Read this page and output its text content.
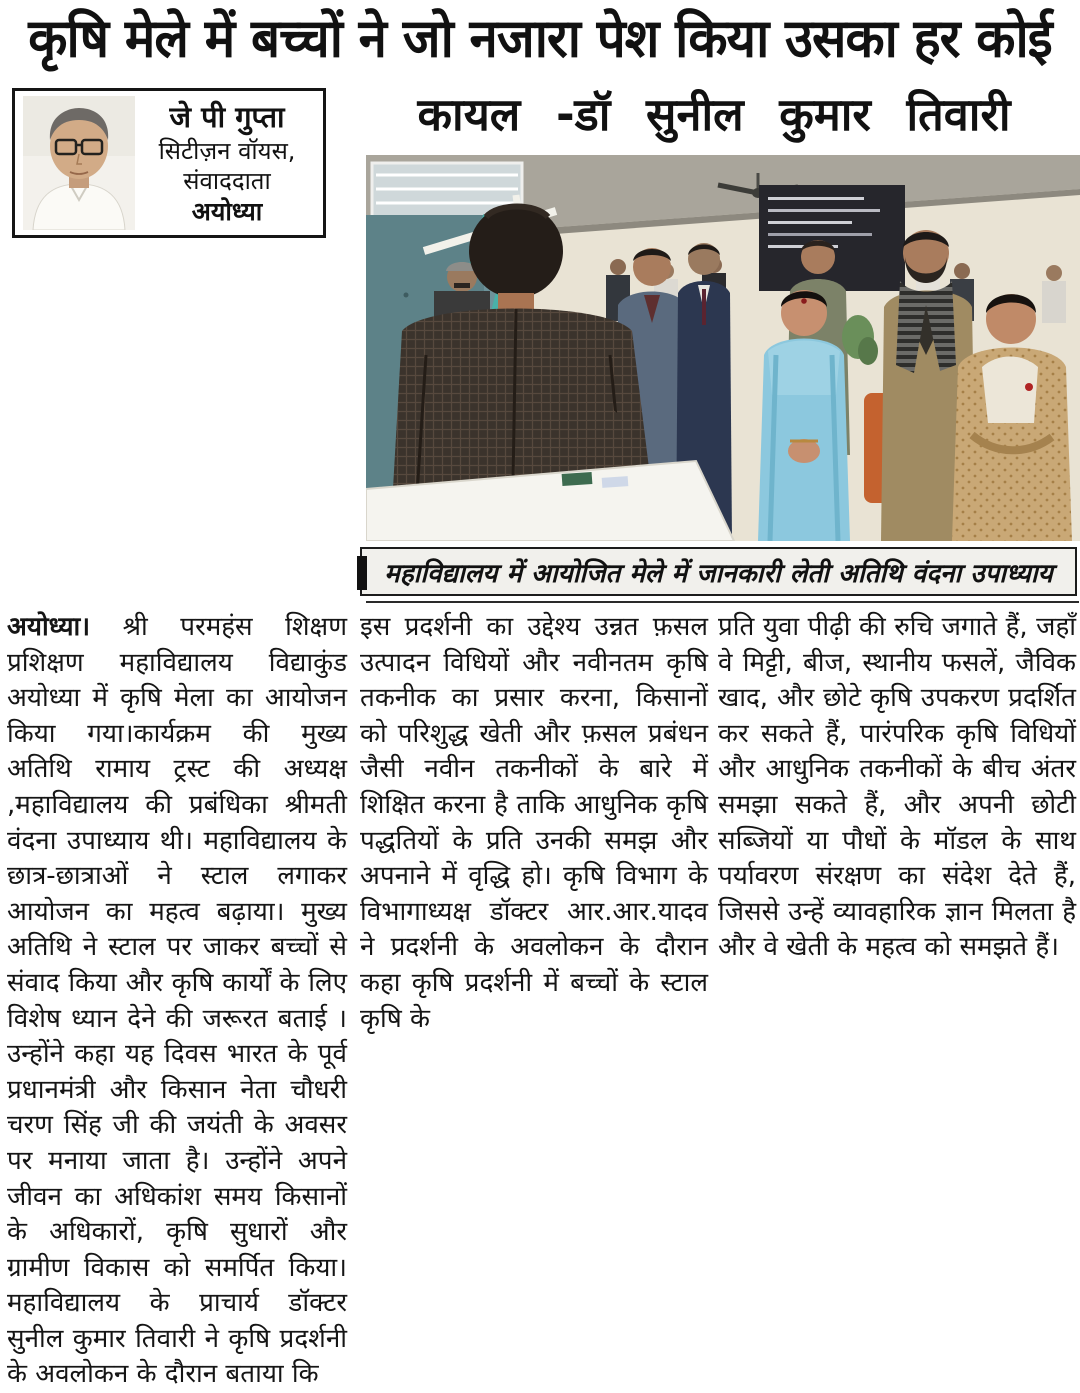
कृषि मेले में बच्चों ने जो नजारा पेश किया उसका हर कोई
जे पी गुप्ता
सिटीज़न वॉयस,
संवाददाता
अयोध्या
कायल -डॉ सुनील कुमार तिवारी
महाविद्यालय में आयोजित मेले में जानकारी लेती अतिथि वंदना उपाध्याय
अयोध्या। श्री परमहंस शिक्षण प्रशिक्षण महाविद्यालय विद्याकुंड अयोध्या में कृषि मेला का आयोजन किया गया।कार्यक्रम की मुख्य अतिथि रामाय ट्रस्ट की अध्यक्ष ,महाविद्यालय की प्रबंधिका श्रीमती वंदना उपाध्याय थी। महाविद्यालय के छात्र-छात्राओं ने स्टाल लगाकर आयोजन का महत्व बढ़ाया। मुख्य अतिथि ने स्टाल पर जाकर बच्चों से संवाद किया और कृषि कार्यों के लिए विशेष ध्यान देने की जरूरत बताई ।उन्होंने कहा यह दिवस भारत के पूर्व प्रधानमंत्री और किसान नेता चौधरी चरण सिंह जी की जयंती के अवसर पर मनाया जाता है। उन्होंने अपने जीवन का अधिकांश समय किसानों के अधिकारों, कृषि सुधारों और ग्रामीण विकास को समर्पित किया। महाविद्यालय के प्राचार्य डॉक्टर सुनील कुमार तिवारी ने कृषि प्रदर्शनी के अवलोकन के दौरान बताया कि
इस प्रदर्शनी का उद्देश्य उन्नत फ़सल उत्पादन विधियों और नवीनतम कृषि तकनीक का प्रसार करना, किसानों को परिशुद्ध खेती और फ़सल प्रबंधन जैसी नवीन तकनीकों के बारे में शिक्षित करना है ताकि आधुनिक कृषि पद्धतियों के प्रति उनकी समझ और अपनाने में वृद्धि हो। कृषि विभाग के विभागाध्यक्ष डॉक्टर आर.आर.यादव ने प्रदर्शनी के अवलोकन के दौरान कहा कृषि प्रदर्शनी में बच्चों के स्टाल कृषि के
प्रति युवा पीढ़ी की रुचि जगाते हैं, जहाँ वे मिट्टी, बीज, स्थानीय फसलें, जैविक खाद, और छोटे कृषि उपकरण प्रदर्शित कर सकते हैं, पारंपरिक कृषि विधियों और आधुनिक तकनीकों के बीच अंतर समझा सकते हैं, और अपनी छोटी सब्जियों या पौधों के मॉडल के साथ पर्यावरण संरक्षण का संदेश देते हैं, जिससे उन्हें व्यावहारिक ज्ञान मिलता है और वे खेती के महत्व को समझते हैं।
